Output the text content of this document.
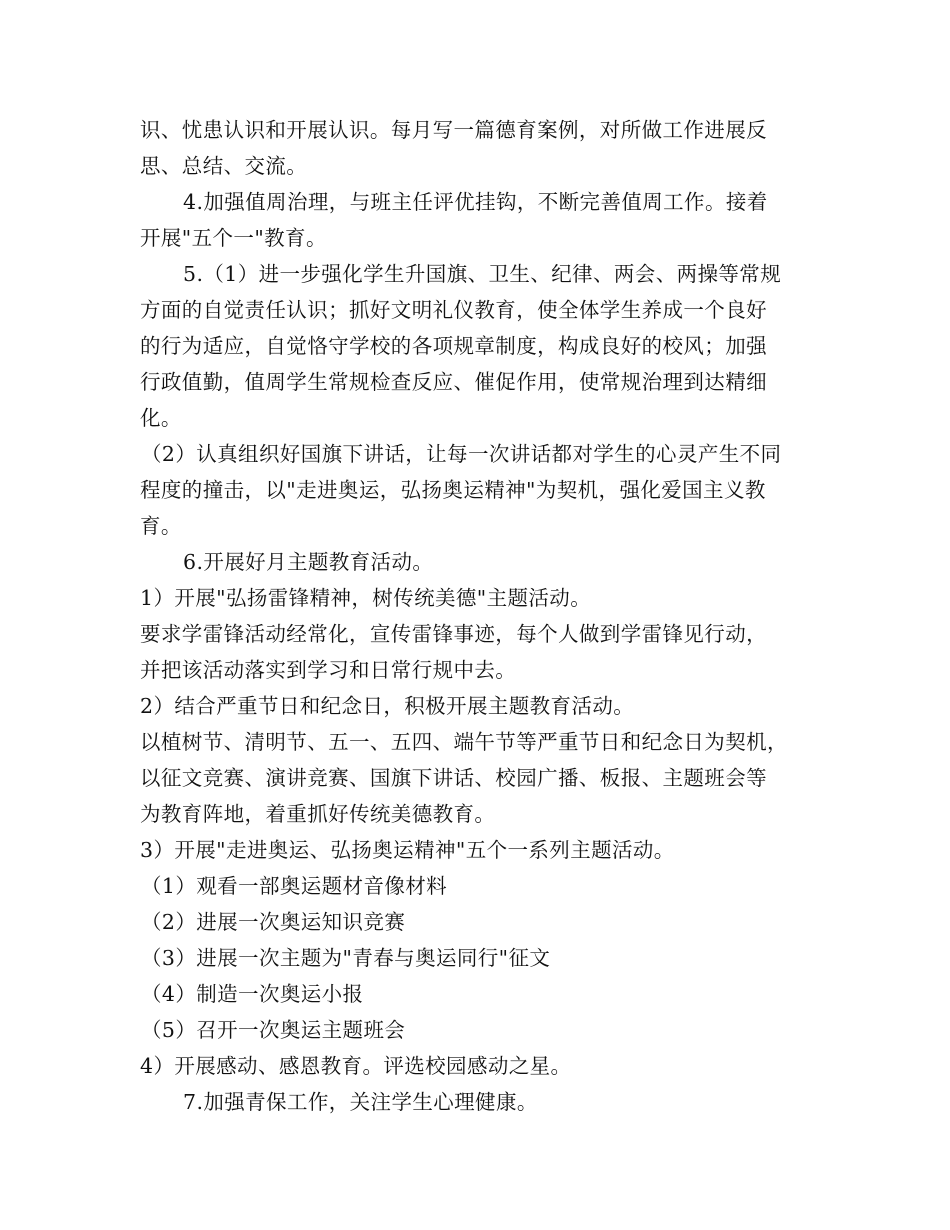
识、忧患认识和开展认识。每月写一篇德育案例，对所做工作进展反
思、总结、交流。
4.加强值周治理，与班主任评优挂钩，不断完善值周工作。接着
开展"五个一"教育。
5.（1）进一步强化学生升国旗、卫生、纪律、两会、两操等常规
方面的自觉责任认识；抓好文明礼仪教育，使全体学生养成一个良好
的行为适应，自觉恪守学校的各项规章制度，构成良好的校风；加强
行政值勤，值周学生常规检查反应、催促作用，使常规治理到达精细
化。
（2）认真组织好国旗下讲话，让每一次讲话都对学生的心灵产生不同
程度的撞击，以"走进奥运，弘扬奥运精神"为契机，强化爱国主义教
育。
6.开展好月主题教育活动。
1）开展"弘扬雷锋精神，树传统美德"主题活动。
要求学雷锋活动经常化，宣传雷锋事迹，每个人做到学雷锋见行动，
并把该活动落实到学习和日常行规中去。
2）结合严重节日和纪念日，积极开展主题教育活动。
以植树节、清明节、五一、五四、端午节等严重节日和纪念日为契机，
以征文竞赛、演讲竞赛、国旗下讲话、校园广播、板报、主题班会等
为教育阵地，着重抓好传统美德教育。
3）开展"走进奥运、弘扬奥运精神"五个一系列主题活动。
（1）观看一部奥运题材音像材料
（2）进展一次奥运知识竞赛
（3）进展一次主题为"青春与奥运同行"征文
（4）制造一次奥运小报
（5）召开一次奥运主题班会
4）开展感动、感恩教育。评选校园感动之星。
7.加强青保工作，关注学生心理健康。
